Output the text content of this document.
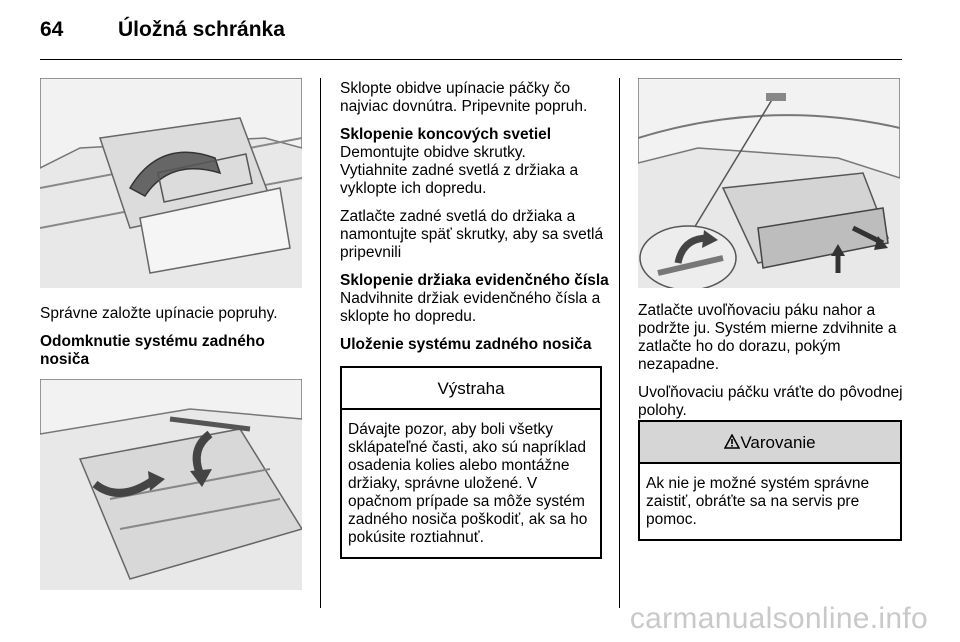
64	Úložná schránka

Správne založte upínacie popruhy.

Odomknutie systému zadného nosiča

Sklopte obidve upínacie páčky čo najviac dovnútra. Pripevnite popruh.

Sklopenie koncových svetiel

Demontujte obidve skrutky.

Vytiahnite zadné svetlá z držiaka a vyklopte ich dopredu.

Zatlačte zadné svetlá do držiaka a namontujte späť skrutky, aby sa svetlá pripevnili

Sklopenie držiaka evidenčného čísla

Nadvihnite držiak evidenčného čísla a sklopte ho dopredu.

Uloženie systému zadného nosiča
Výstraha
Dávajte pozor, aby boli všetky sklápateľné časti, ako sú napríklad osadenia kolies alebo montážne držiaky, správne uložené. V opačnom prípade sa môže systém zadného nosiča poškodiť, ak sa ho pokúsite roztiahnuť.

Zatlačte uvoľňovaciu páku nahor a podržte ju. Systém mierne zdvihnite a zatlačte ho do dorazu, pokým nezapadne.

Uvoľňovaciu páčku vráťte do pôvodnej polohy.

Varovanie
Ak nie je možné systém správne zaistiť, obráťte sa na servis pre pomoc.
carmanualsonline.info
